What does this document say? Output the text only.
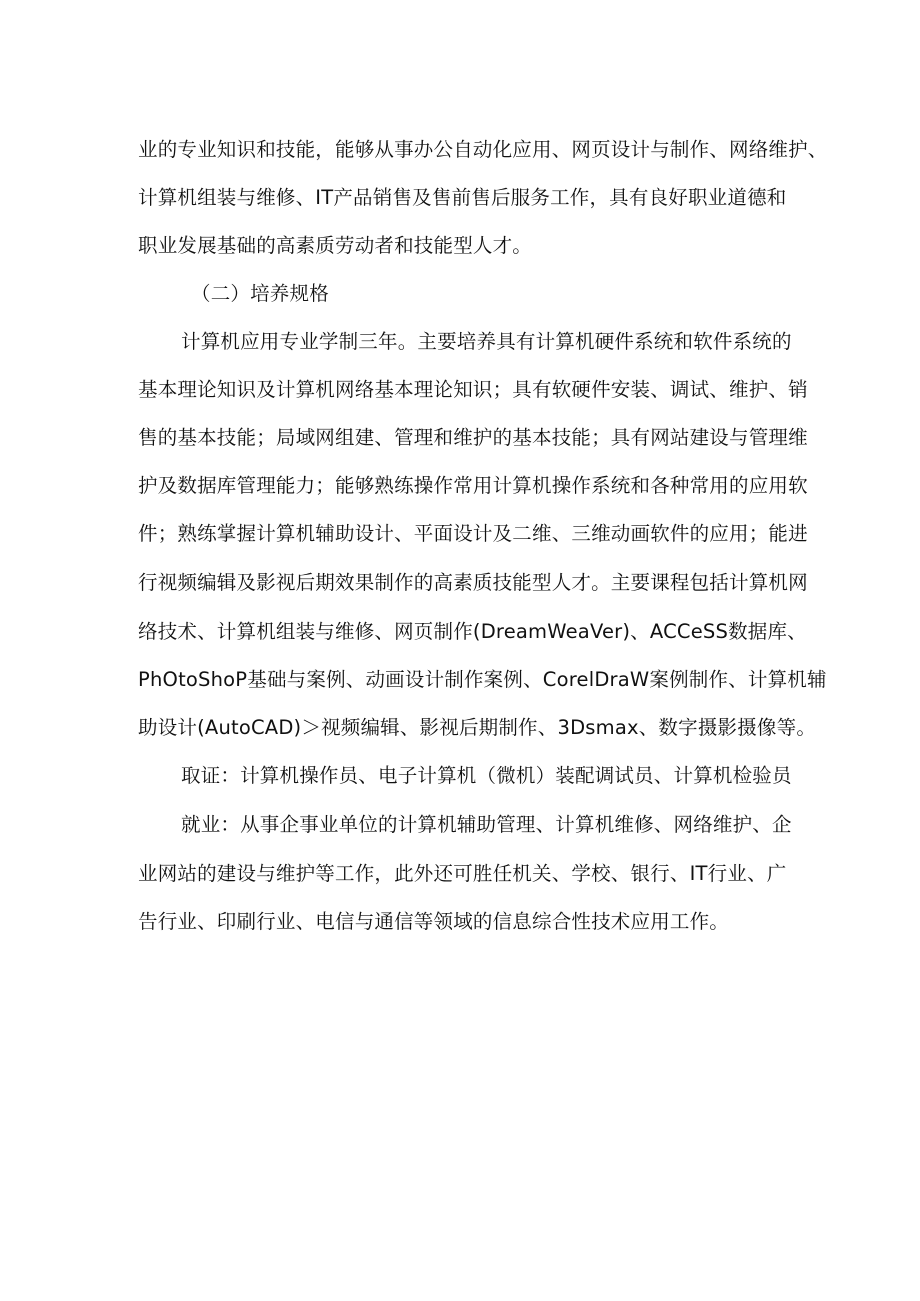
业的专业知识和技能，能够从事办公自动化应用、网页设计与制作、网络维护、
计算机组装与维修、IT产品销售及售前售后服务工作，具有良好职业道德和
职业发展基础的高素质劳动者和技能型人才。
（二）培养规格
计算机应用专业学制三年。主要培养具有计算机硬件系统和软件系统的
基本理论知识及计算机网络基本理论知识；具有软硬件安装、调试、维护、销
售的基本技能；局域网组建、管理和维护的基本技能；具有网站建设与管理维
护及数据库管理能力；能够熟练操作常用计算机操作系统和各种常用的应用软
件；熟练掌握计算机辅助设计、平面设计及二维、三维动画软件的应用；能进
行视频编辑及影视后期效果制作的高素质技能型人才。主要课程包括计算机网
络技术、计算机组装与维修、网页制作(DreamWeaVer)、ACCeSS数据库、
PhOtoShoP基础与案例、动画设计制作案例、CorelDraW案例制作、计算机辅
助设计(AutoCAD)＞视频编辑、影视后期制作、3Dsmax、数字摄影摄像等。
取证：计算机操作员、电子计算机（微机）装配调试员、计算机检验员
就业：从事企事业单位的计算机辅助管理、计算机维修、网络维护、企
业网站的建设与维护等工作，此外还可胜任机关、学校、银行、IT行业、广
告行业、印刷行业、电信与通信等领域的信息综合性技术应用工作。
